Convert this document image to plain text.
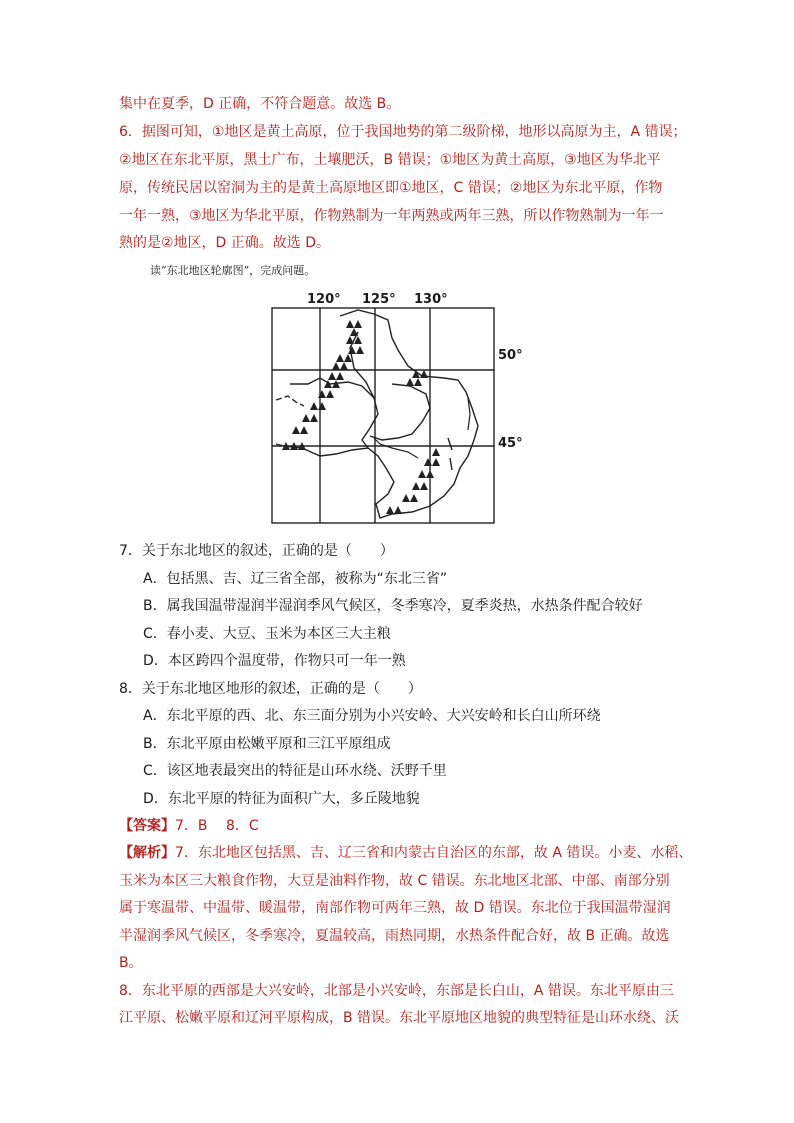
集中在夏季，D 正确，不符合题意。故选 B。
6．据图可知，①地区是黄土高原，位于我国地势的第二级阶梯，地形以高原为主，A 错误；
②地区在东北平原，黑土广布，土壤肥沃，B 错误；①地区为黄土高原，③地区为华北平
原，传统民居以窑洞为主的是黄土高原地区即①地区，C 错误；②地区为东北平原，作物
一年一熟，③地区为华北平原，作物熟制为一年两熟或两年三熟，所以作物熟制为一年一
熟的是②地区，D 正确。故选 D。
读“东北地区轮廓图”，完成问题。
120° 125° 130°
50°
45°
7．关于东北地区的叙述，正确的是（　　）
A．包括黑、吉、辽三省全部，被称为“东北三省”
B．属我国温带湿润半湿润季风气候区，冬季寒冷，夏季炎热，水热条件配合较好
C．春小麦、大豆、玉米为本区三大主粮
D．本区跨四个温度带，作物只可一年一熟
8．关于东北地区地形的叙述，正确的是（　　）
A．东北平原的西、北、东三面分别为小兴安岭、大兴安岭和长白山所环绕
B．东北平原由松嫩平原和三江平原组成
C．该区地表最突出的特征是山环水绕、沃野千里
D．东北平原的特征为面积广大，多丘陵地貌
【答案】7．B　 8．C
【解析】7．东北地区包括黑、吉、辽三省和内蒙古自治区的东部，故 A 错误。小麦、水稻、
玉米为本区三大粮食作物，大豆是油料作物，故 C 错误。东北地区北部、中部、南部分别
属于寒温带、中温带、暖温带，南部作物可两年三熟，故 D 错误。东北位于我国温带湿润
半湿润季风气候区，冬季寒冷，夏温较高，雨热同期，水热条件配合好，故 B 正确。故选
B。
8．东北平原的西部是大兴安岭，北部是小兴安岭，东部是长白山，A 错误。东北平原由三
江平原、松嫩平原和辽河平原构成，B 错误。东北平原地区地貌的典型特征是山环水绕、沃
